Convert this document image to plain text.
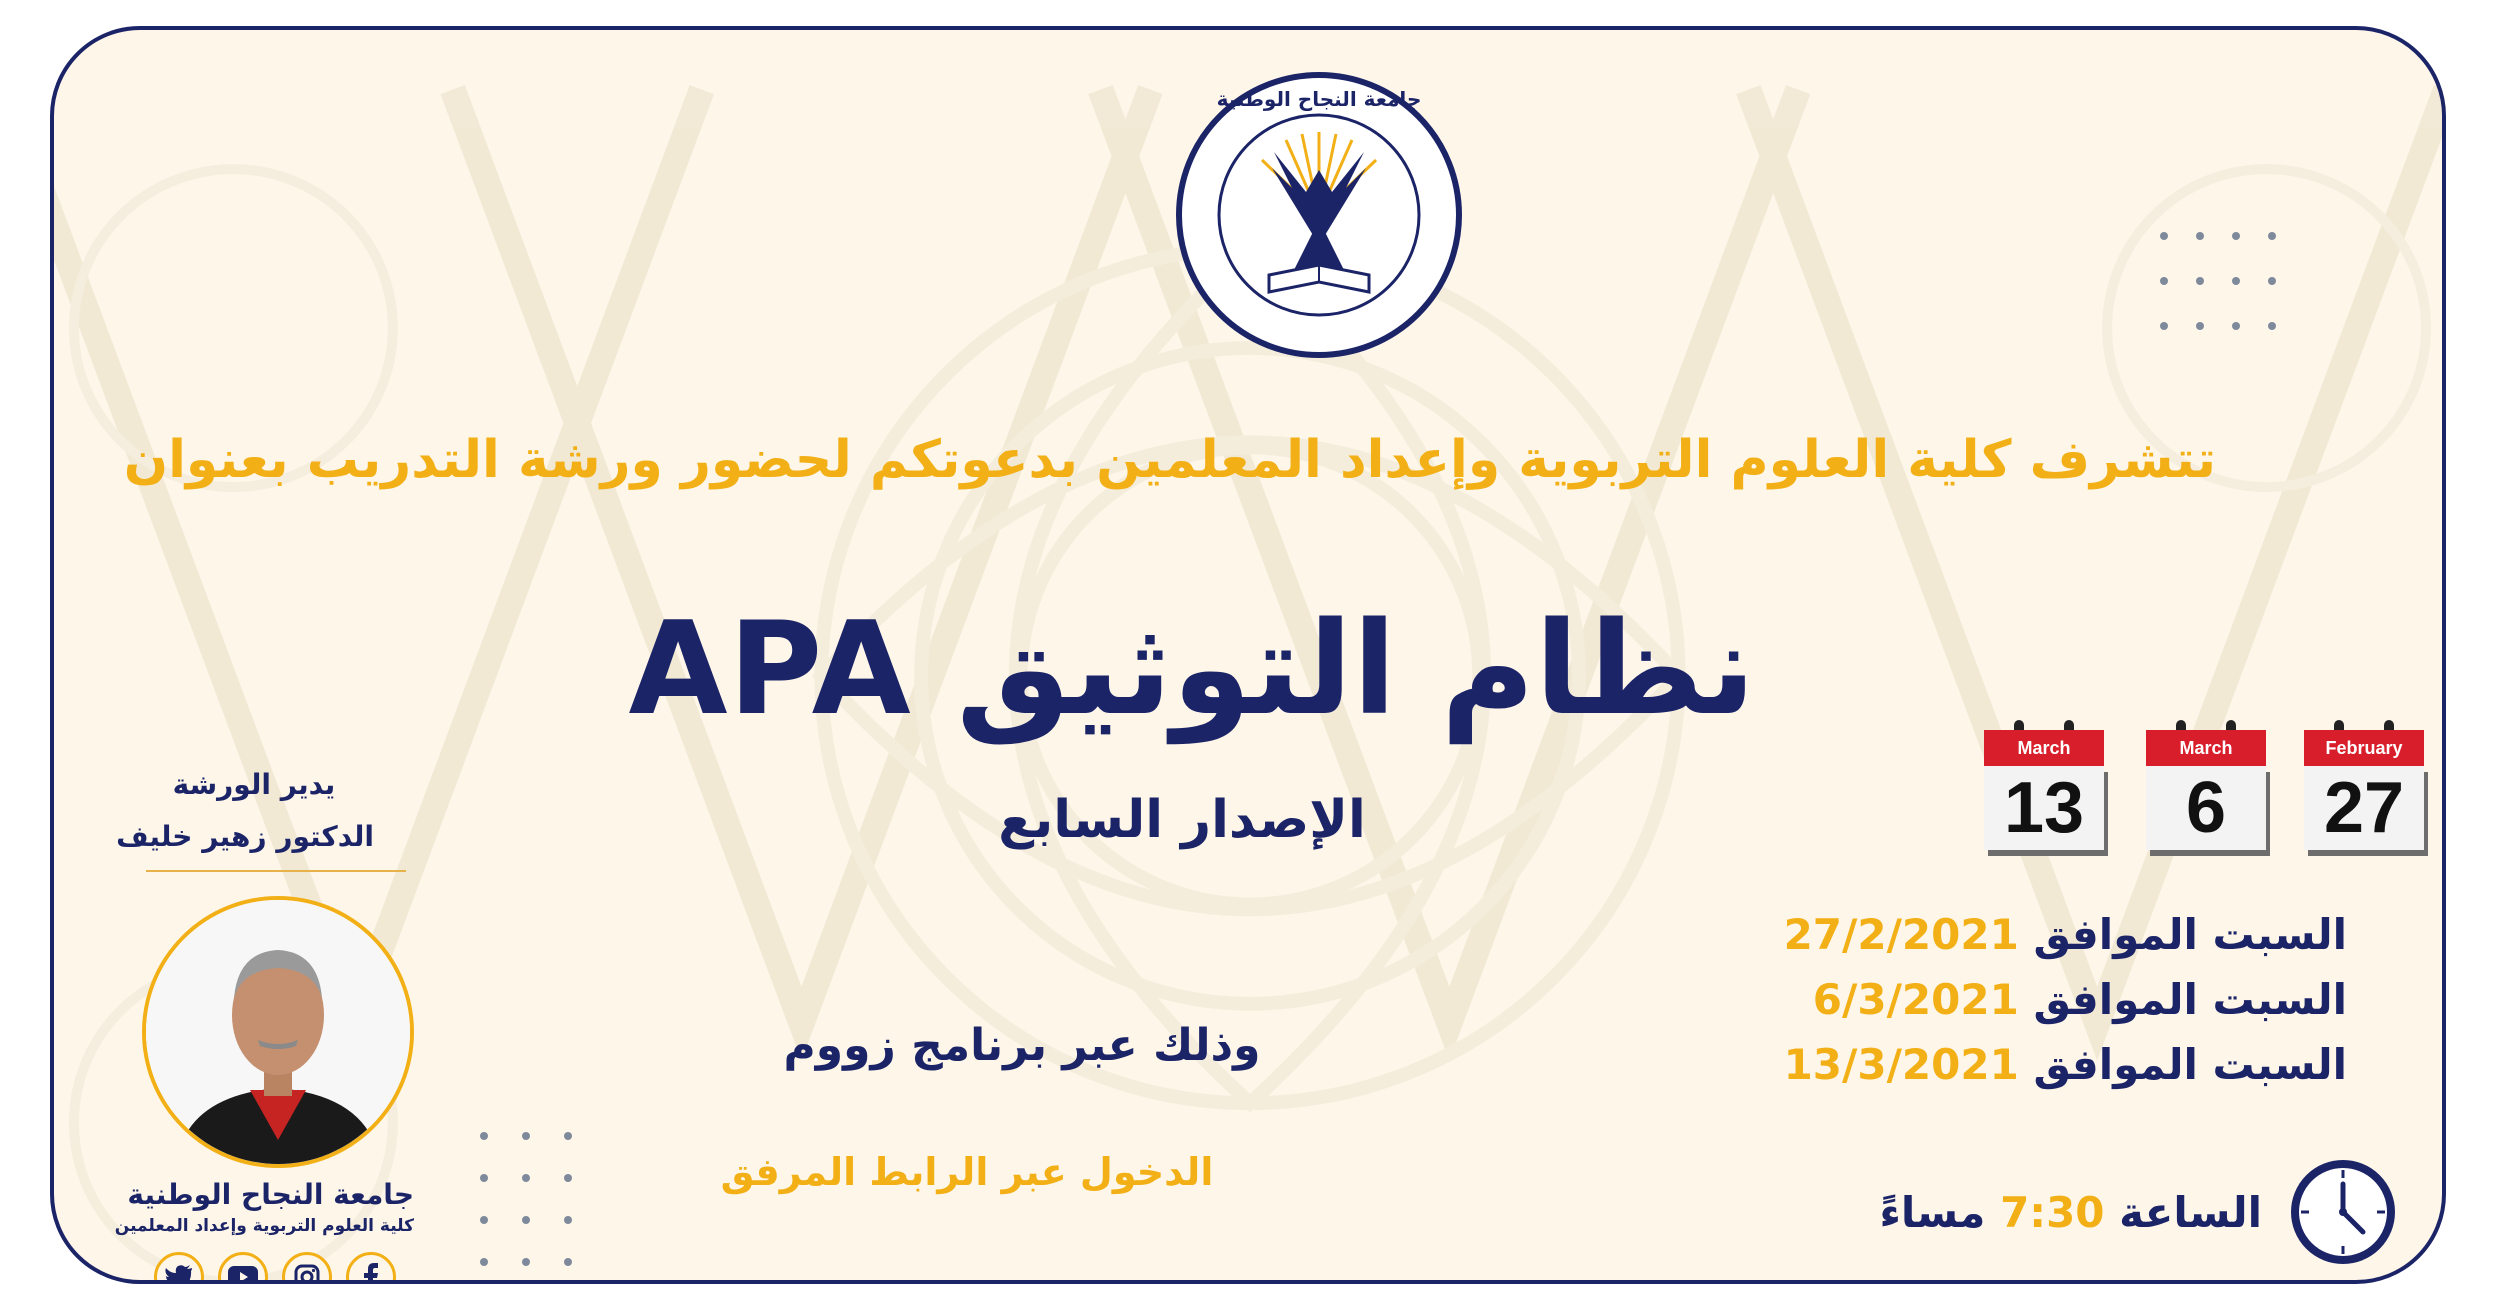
جامعة النجاح الوطنية
تتشرف كلية العلوم التربوية وإعداد المعلمين بدعوتكم لحضور ورشة التدريب بعنوان
نظام التوثيق APA
الإصدار السابع
وذلك عبر برنامج زووم
الدخول عبر الرابط المرفق
February
27
March
6
March
13
السبت الموافق 27/2/2021
السبت الموافق 6/3/2021
السبت الموافق 13/3/2021
الساعة 7:30 مساءً
يدير الورشة
الدكتور زهير خليف
جامعة النجاح الوطنية
كلية العلوم التربوية وإعداد المعلمين
